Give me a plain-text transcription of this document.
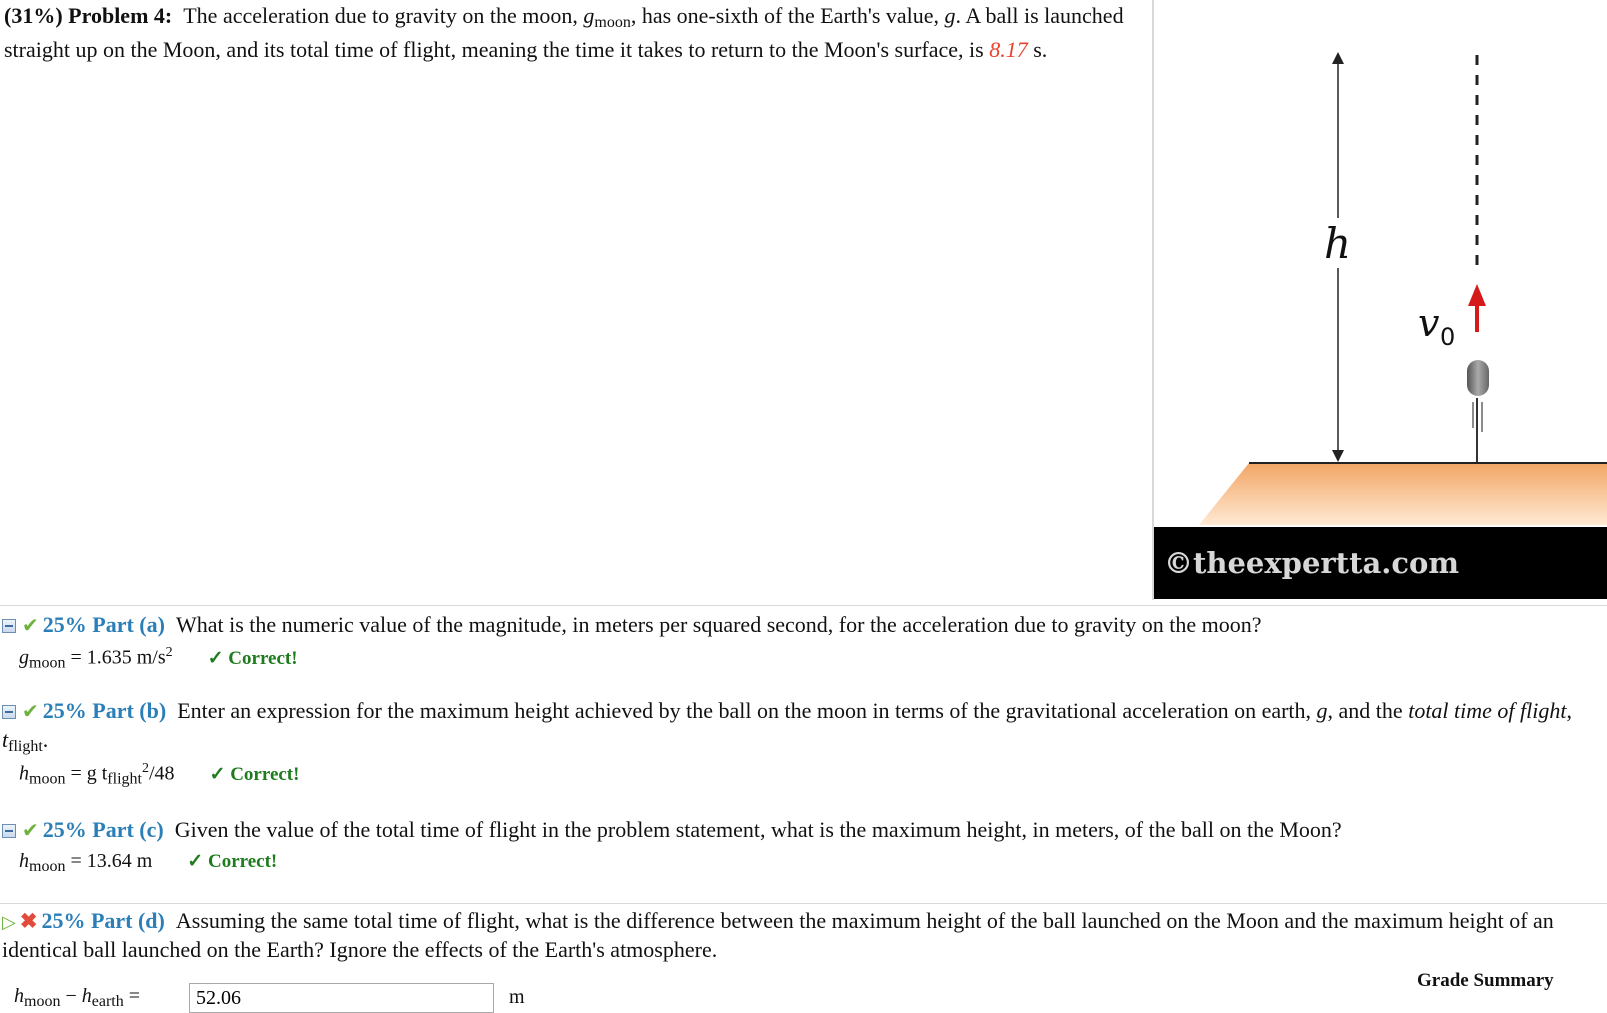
(31%) Problem 4: The acceleration due to gravity on the moon, $g_{moon}$, has one-sixth of the Earth's value, g. A ball is launched straight up on the Moon, and its total time of flight, meaning the time it takes to return to the Moon's surface, is 8.17 s.
h
v 0
©theexpertta.com
✔ 25% Part (a) What is the numeric value of the magnitude, in meters per squared second, for the acceleration due to gravity on the moon?
$g_{moon} = 1.635$ $m/s^2$ ✓ Correct!
✔ 25% Part (b) Enter an expression for the maximum height achieved by the ball on the moon in terms of the gravitational acceleration on earth, g, and the total time of flight, $t_{flight}$.
$h_{moon} = g$ $t_{flight}^2/48$ ✓ Correct!
✔ 25% Part (c) Given the value of the total time of flight in the problem statement, what is the maximum height, in meters, of the ball on the Moon?
$h_{moon} = 13.64$ m ✓ Correct!
▷ ✖ 25% Part (d) Assuming the same total time of flight, what is the difference between the maximum height of the ball launched on the Moon and the maximum height of an identical ball launched on the Earth? Ignore the effects of the Earth's atmosphere.
$h_{moon} - h_{earth}$ =
52.06	m
Grade Summary
